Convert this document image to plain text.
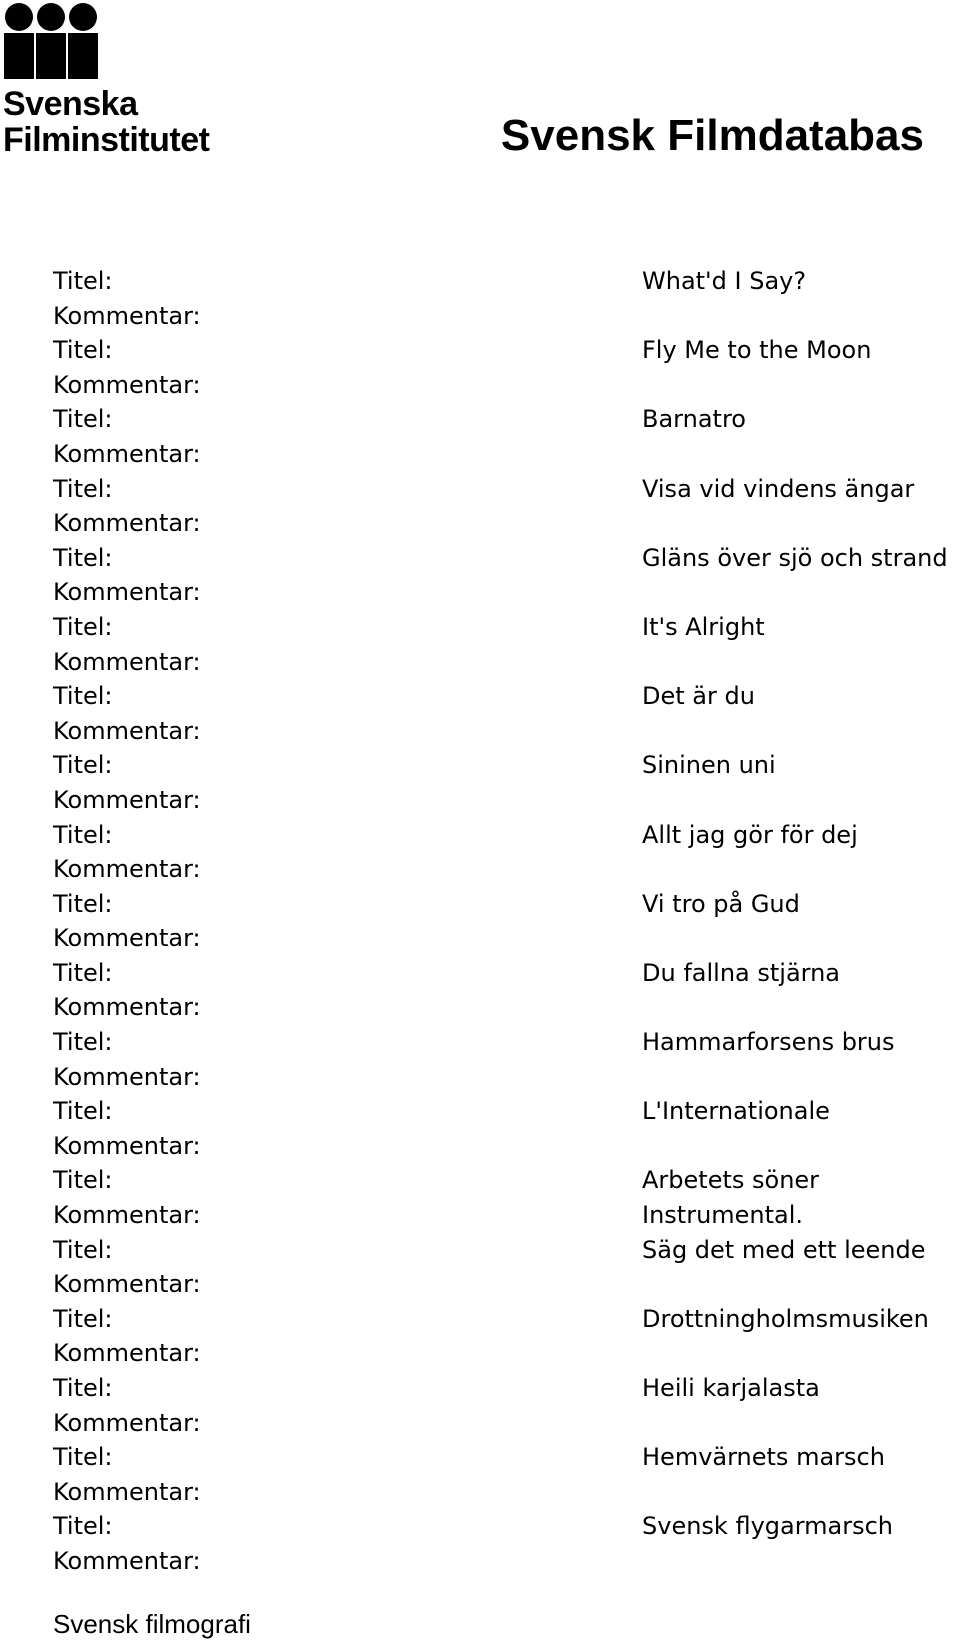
Svenska
Filminstitutet	Svensk Filmdatabas
Titel:	What'd I Say?
Kommentar:
Titel:	Fly Me to the Moon
Kommentar:
Titel:	Barnatro
Kommentar:
Titel:	Visa vid vindens ängar
Kommentar:
Titel:	Gläns över sjö och strand
Kommentar:
Titel:	It's Alright
Kommentar:
Titel:	Det är du
Kommentar:
Titel:	Sininen uni
Kommentar:
Titel:	Allt jag gör för dej
Kommentar:
Titel:	Vi tro på Gud
Kommentar:
Titel:	Du fallna stjärna
Kommentar:
Titel:	Hammarforsens brus
Kommentar:
Titel:	L'Internationale
Kommentar:
Titel:	Arbetets söner
Kommentar:	Instrumental.
Titel:	Säg det med ett leende
Kommentar:
Titel:	Drottningholmsmusiken
Kommentar:
Titel:	Heili karjalasta
Kommentar:
Titel:	Hemvärnets marsch
Kommentar:
Titel:	Svensk flygarmarsch
Kommentar:
Svensk filmografi
